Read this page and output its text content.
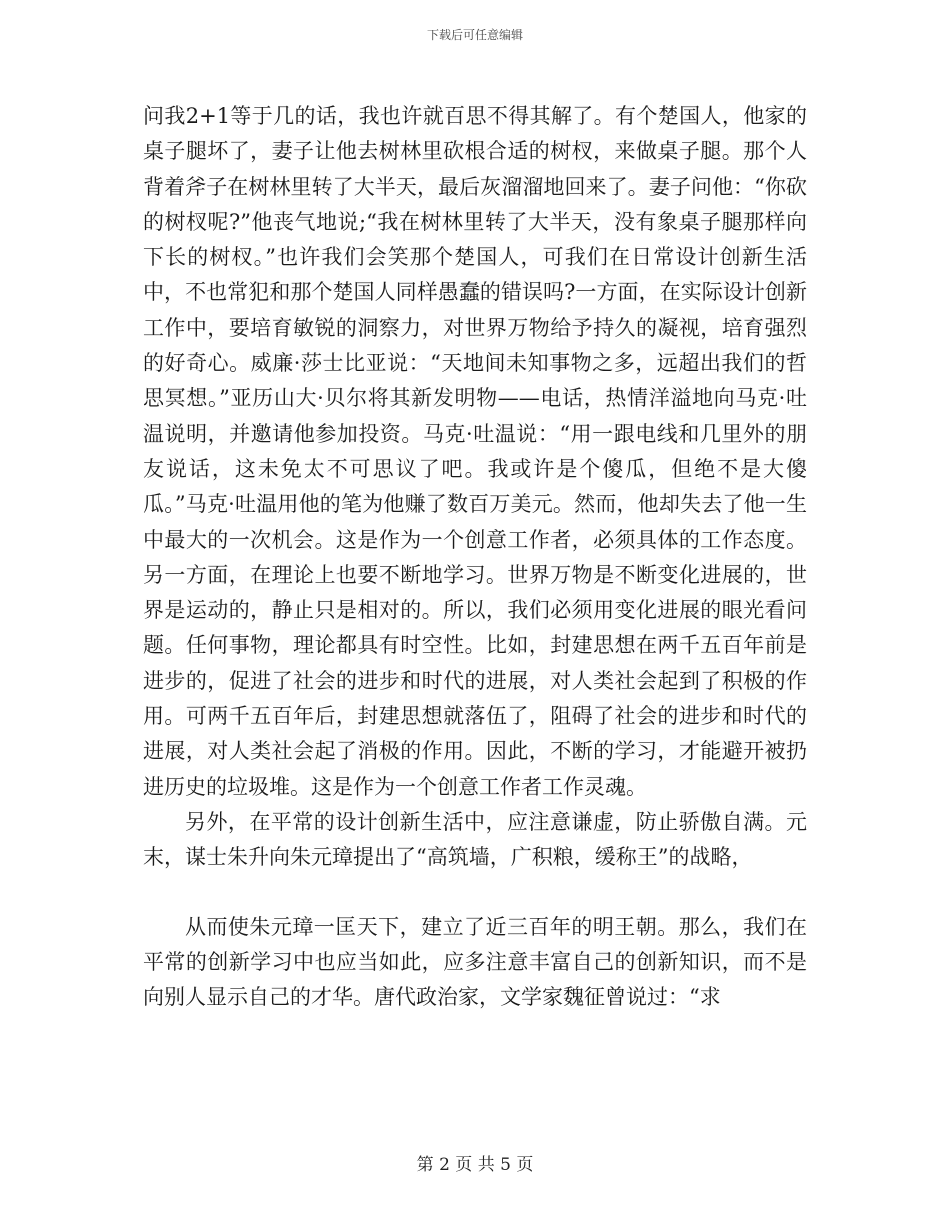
下载后可任意编辑

问我2+1等于几的话，我也许就百思不得其解了。有个楚国人，他家的桌子腿坏了，妻子让他去树林里砍根合适的树杈，来做桌子腿。那个人背着斧子在树林里转了大半天，最后灰溜溜地回来了。妻子问他：“你砍的树杈呢?”他丧气地说;“我在树林里转了大半天，没有象桌子腿那样向下长的树杈。”也许我们会笑那个楚国人，可我们在日常设计创新生活中，不也常犯和那个楚国人同样愚蠢的错误吗?一方面，在实际设计创新工作中，要培育敏锐的洞察力，对世界万物给予持久的凝视，培育强烈的好奇心。威廉·莎士比亚说：“天地间未知事物之多，远超出我们的哲思冥想。”亚历山大·贝尔将其新发明物——电话，热情洋溢地向马克·吐温说明，并邀请他参加投资。马克·吐温说：“用一跟电线和几里外的朋友说话，这未免太不可思议了吧。我或许是个傻瓜，但绝不是大傻瓜。”马克·吐温用他的笔为他赚了数百万美元。然而，他却失去了他一生中最大的一次机会。这是作为一个创意工作者，必须具体的工作态度。另一方面，在理论上也要不断地学习。世界万物是不断变化进展的，世界是运动的，静止只是相对的。所以，我们必须用变化进展的眼光看问题。任何事物，理论都具有时空性。比如，封建思想在两千五百年前是进步的，促进了社会的进步和时代的进展，对人类社会起到了积极的作用。可两千五百年后，封建思想就落伍了，阻碍了社会的进步和时代的进展，对人类社会起了消极的作用。因此，不断的学习，才能避开被扔进历史的垃圾堆。这是作为一个创意工作者工作灵魂。

另外，在平常的设计创新生活中，应注意谦虚，防止骄傲自满。元末，谋士朱升向朱元璋提出了“高筑墙，广积粮，缓称王”的战略，

从而使朱元璋一匡天下，建立了近三百年的明王朝。那么，我们在平常的创新学习中也应当如此，应多注意丰富自己的创新知识，而不是向别人显示自己的才华。唐代政治家，文学家魏征曾说过：“求

第 2 页 共 5 页
